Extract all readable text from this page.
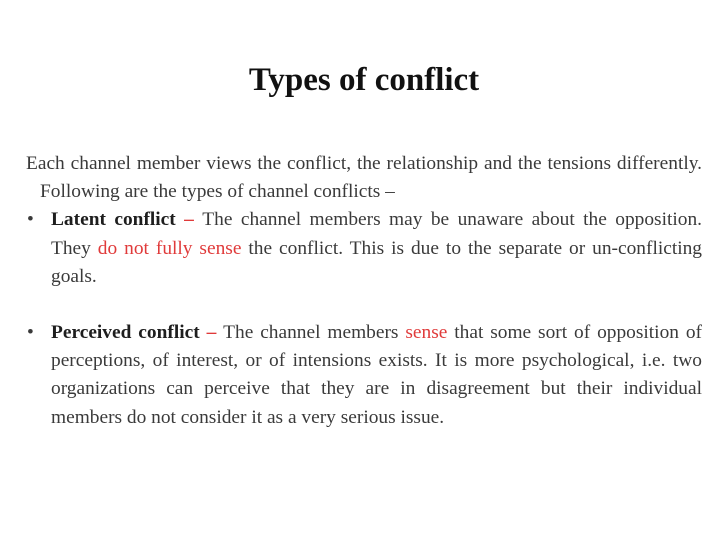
Types of conflict

Each channel member views the conflict, the relationship and the tensions differently. Following are the types of channel conflicts –

• Latent conflict – The channel members may be unaware about the opposition. They do not fully sense the conflict. This is due to the separate or un-conflicting goals.
• Perceived conflict – The channel members sense that some sort of opposition of perceptions, of interest, or of intensions exists. It is more psychological, i.e. two organizations can perceive that they are in disagreement but their individual members do not consider it as a very serious issue.
